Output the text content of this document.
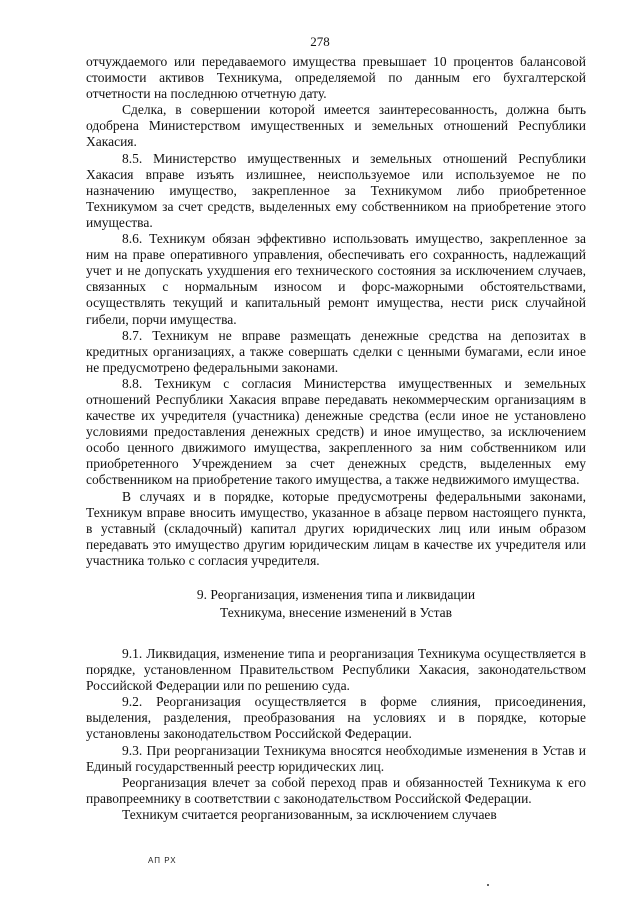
278

отчуждаемого или передаваемого имущества превышает 10 процентов балансовой стоимости активов Техникума, определяемой по данным его бухгалтерской отчетности на последнюю отчетную дату.

Сделка, в совершении которой имеется заинтересованность, должна быть одобрена Министерством имущественных и земельных отношений Республики Хакасия.

8.5. Министерство имущественных и земельных отношений Республики Хакасия вправе изъять излишнее, неиспользуемое или используемое не по назначению имущество, закрепленное за Техникумом либо приобретенное Техникумом за счет средств, выделенных ему собственником на приобретение этого имущества.

8.6. Техникум обязан эффективно использовать имущество, закрепленное за ним на праве оперативного управления, обеспечивать его сохранность, надлежащий учет и не допускать ухудшения его технического состояния за исключением случаев, связанных с нормальным износом и форс-мажорными обстоятельствами, осуществлять текущий и капитальный ремонт имущества, нести риск случайной гибели, порчи имущества.

8.7. Техникум не вправе размещать денежные средства на депозитах в кредитных организациях, а также совершать сделки с ценными бумагами, если иное не предусмотрено федеральными законами.

8.8. Техникум с согласия Министерства имущественных и земельных отношений Республики Хакасия вправе передавать некоммерческим организациям в качестве их учредителя (участника) денежные средства (если иное не установлено условиями предоставления денежных средств) и иное имущество, за исключением особо ценного движимого имущества, закрепленного за ним собственником или приобретенного Учреждением за счет денежных средств, выделенных ему собственником на приобретение такого имущества, а также недвижимого имущества.

В случаях и в порядке, которые предусмотрены федеральными законами, Техникум вправе вносить имущество, указанное в абзаце первом настоящего пункта, в уставный (складочный) капитал других юридических лиц или иным образом передавать это имущество другим юридическим лицам в качестве их учредителя или участника только с согласия учредителя.

9. Реорганизация, изменения типа и ликвидации
Техникума, внесение изменений в Устав

9.1. Ликвидация, изменение типа и реорганизация Техникума осуществляется в порядке, установленном Правительством Республики Хакасия, законодательством Российской Федерации или по решению суда.

9.2. Реорганизация осуществляется в форме слияния, присоединения, выделения, разделения, преобразования на условиях и в порядке, которые установлены законодательством Российской Федерации.

9.3. При реорганизации Техникума вносятся необходимые изменения в Устав и Единый государственный реестр юридических лиц.

Реорганизация влечет за собой переход прав и обязанностей Техникума к его правопреемнику в соответствии с законодательством Российской Федерации.

Техникум считается реорганизованным, за исключением случаев

АП РХ
